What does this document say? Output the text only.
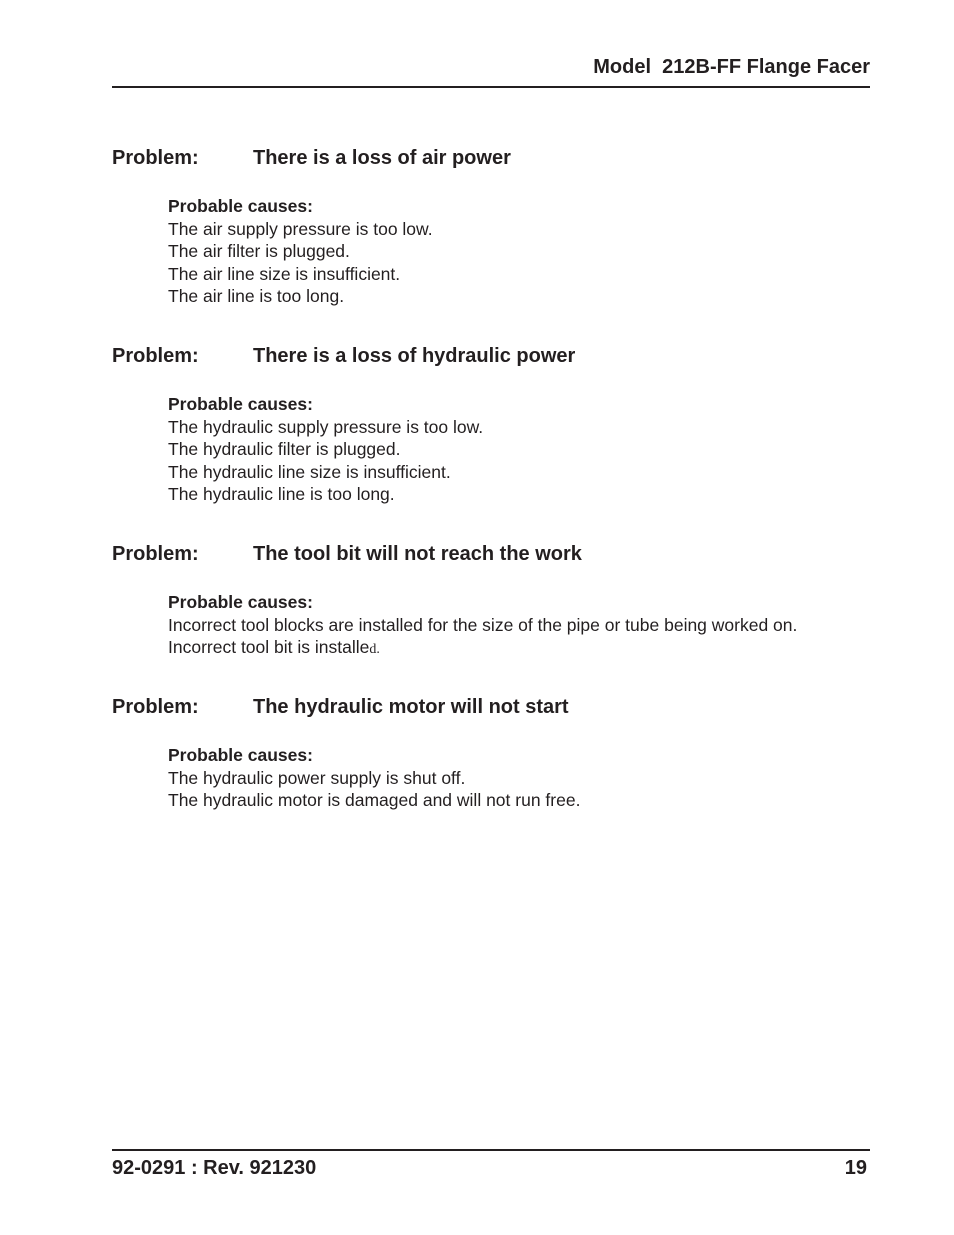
Model  212B-FF Flange Facer
Problem:	There is a loss of air power
Probable causes:
The air supply pressure is too low.
The air filter is plugged.
The air line size is insufficient.
The air line is too long.
Problem:	There is a loss of hydraulic power
Probable causes:
The hydraulic supply pressure is too low.
The hydraulic filter is plugged.
The hydraulic line size is insufficient.
The hydraulic line is too long.
Problem:	The tool bit will not reach the work
Probable causes:
Incorrect tool blocks are installed for the size of the pipe or tube being worked on.
Incorrect tool bit is installed.
Problem:	The hydraulic motor will not start
Probable causes:
The hydraulic power supply is shut off.
The hydraulic motor is damaged and will not run free.
92-0291 : Rev. 921230	19
